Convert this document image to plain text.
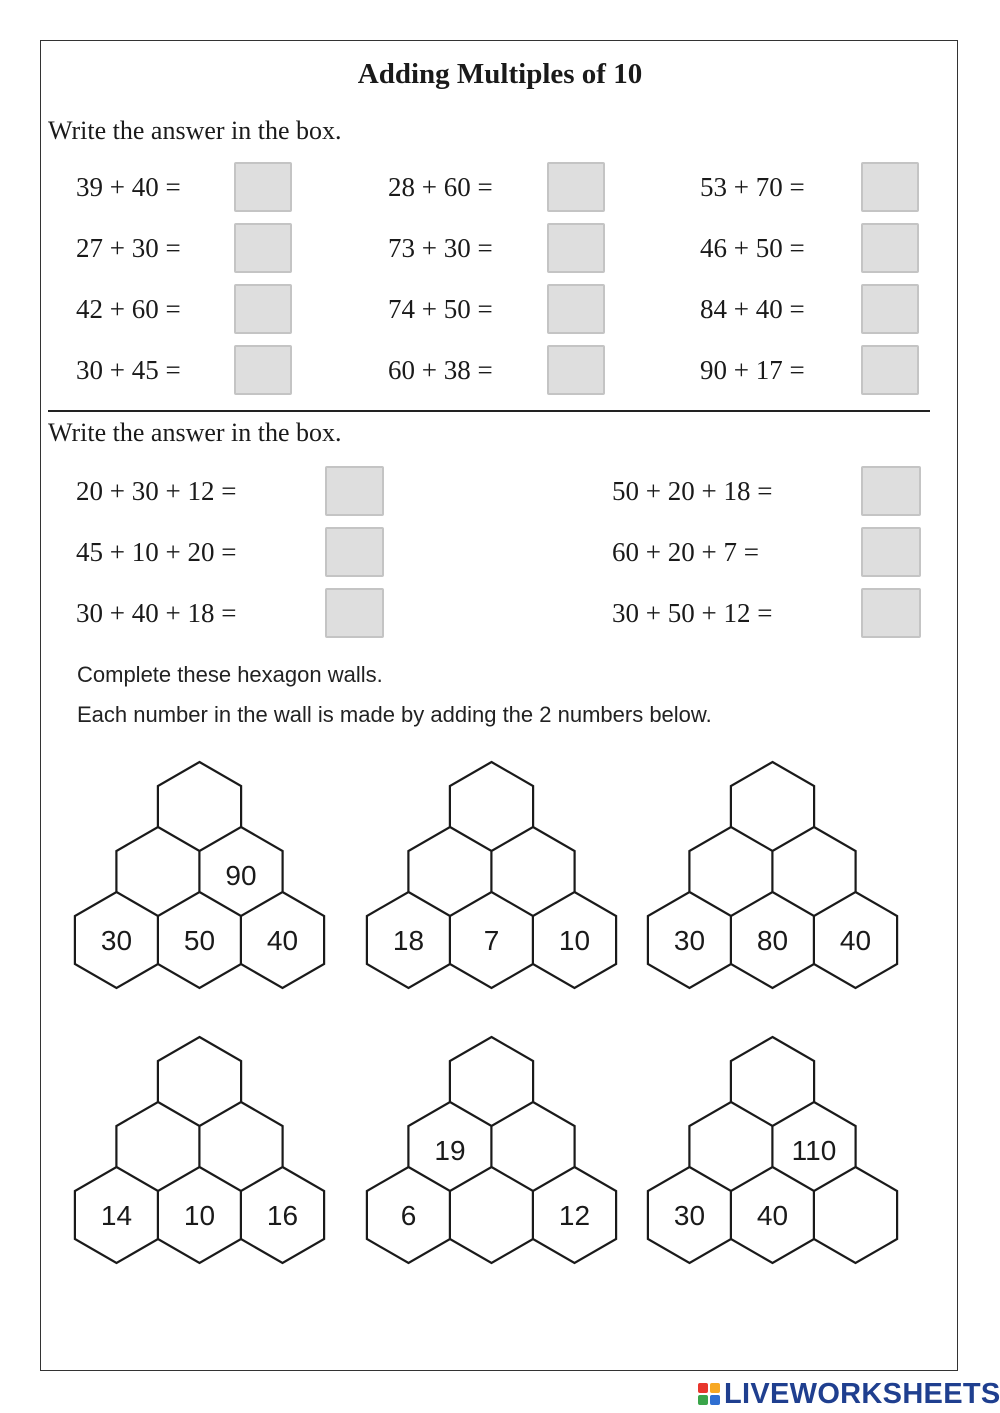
Adding Multiples of 10
Write the answer in the box.
39 + 40 =
27 + 30 =
42 + 60 =
30 + 45 =
28 + 60 =
73 + 30 =
74 + 50 =
60 + 38 =
53 + 70 =
46 + 50 =
84 + 40 =
90 + 17 =
Write the answer in the box.
20 + 30 + 12 =
45 + 10 + 20 =
30 + 40 + 18 =
50 + 20 + 18 =
60 + 20 + 7 =
30 + 50 + 12 =
Complete these hexagon walls.
Each number in the wall is made by adding the 2 numbers below.
90
30 50 40	18 7 10	30 80 40
14 10 16
19
6	12
110
30 40
LIVEWORKSHEETS
